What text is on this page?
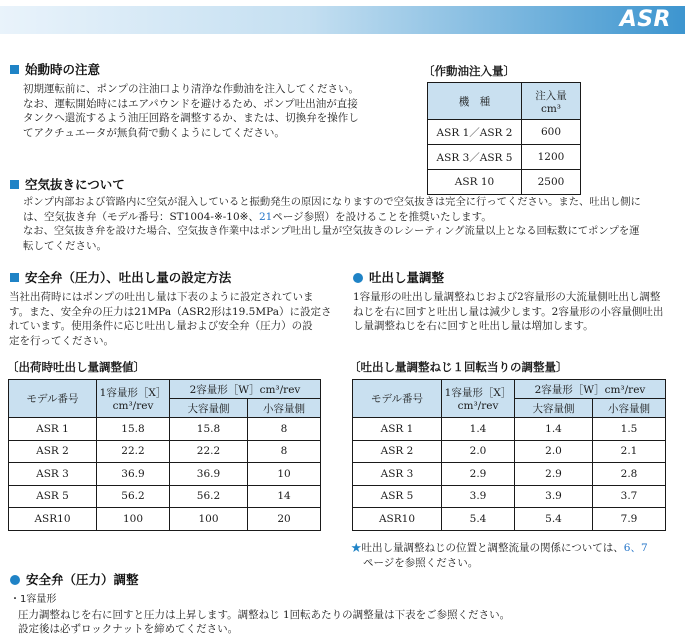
ASR
始動時の注意
初期運転前に、ポンプの注油口より清浄な作動油を注入してください。
なお、運転開始時にはエアパウンドを避けるため、ポンプ吐出油が直接
タンクへ還流するよう油圧回路を調整するか、または、切換弁を操作し
てアクチュエータが無負荷で動くようにしてください。
〔作動油注入量〕
機　種	注入量
cm³

ASR 1／ASR 2	600
ASR 3／ASR 5	1200
ASR 10	2500
空気抜きについて
ポンプ内部および管路内に空気が混入していると振動発生の原因になりますので空気抜きは完全に行ってください。また、吐出し側に
は、空気抜き弁（モデル番号：ST1004-※-10※、21ページ参照）を設けることを推奨いたします。
なお、空気抜き弁を設けた場合、空気抜き作業中はポンプ吐出し量が空気抜きのレシーティング流量以上となる回転数にてポンプを運
転してください。
安全弁（圧力）、吐出し量の設定方法
当社出荷時にはポンプの吐出し量は下表のように設定されていま
す。また、安全弁の圧力は21MPa（ASR2形は19.5MPa）に設定さ
れています。使用条件に応じ吐出し量および安全弁（圧力）の設
定を行ってください。
吐出し量調整
1容量形の吐出し量調整ねじおよび2容量形の大流量側吐出し調整
ねじを右に回すと吐出し量は減少します。2容量形の小容量側吐出
し量調整ねじを右に回すと吐出し量は増加します。
〔出荷時吐出し量調整値〕
モデル番号	1容量形［X］
cm³/rev	2容量形［W］cm³/rev	
		大容量側	小容量側
ASR 1	15.8	15.8	8
ASR 2	22.2	22.2	8
ASR 3	36.9	36.9	10
ASR 5	56.2	56.2	14
ASR10	100	100	20
〔吐出し量調整ねじ１回転当りの調整量〕
モデル番号	1容量形［X］
cm³/rev	2容量形［W］cm³/rev	
		大容量側	小容量側
ASR 1	1.4	1.4	1.5
ASR 2	2.0	2.0	2.1
ASR 3	2.9	2.9	2.8
ASR 5	3.9	3.9	3.7
ASR10	5.4	5.4	7.9
★吐出し量調整ねじの位置と調整流量の関係については、6、7
ページを参照ください。
安全弁（圧力）調整
・1容量形
圧力調整ねじを右に回すと圧力は上昇します。調整ねじ 1回転あたりの調整量は下表をご参照ください。
設定後は必ずロックナットを締めてください。
